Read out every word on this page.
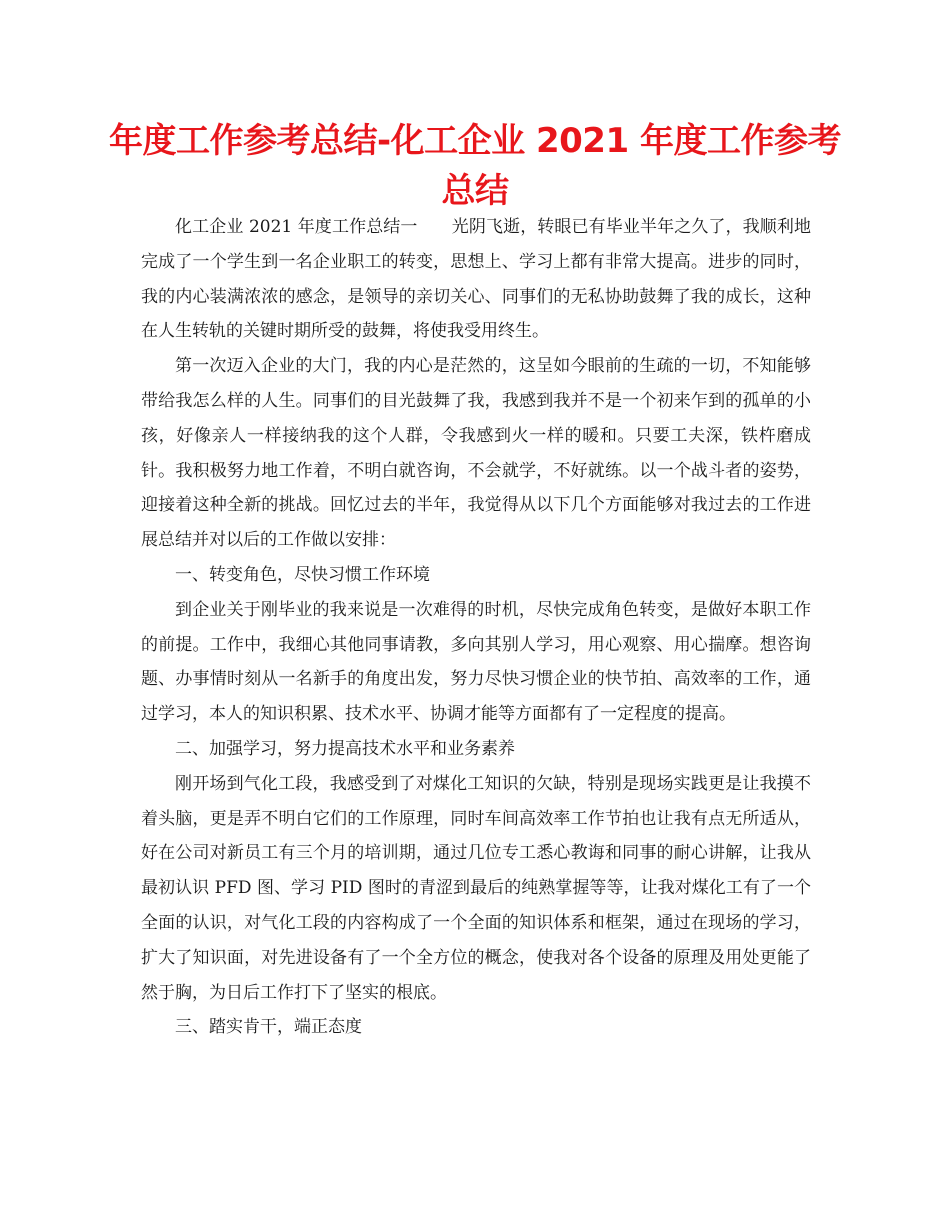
年度工作参考总结-化工企业 2021 年度工作参考总结

化工企业 2021 年度工作总结一　　光阴飞逝，转眼已有毕业半年之久了，我顺利地完成了一个学生到一名企业职工的转变，思想上、学习上都有非常大提高。进步的同时，我的内心装满浓浓的感念，是领导的亲切关心、同事们的无私协助鼓舞了我的成长，这种在人生转轨的关键时期所受的鼓舞，将使我受用终生。

第一次迈入企业的大门，我的内心是茫然的，这呈如今眼前的生疏的一切，不知能够带给我怎么样的人生。同事们的目光鼓舞了我，我感到我并不是一个初来乍到的孤单的小孩，好像亲人一样接纳我的这个人群，令我感到火一样的暖和。只要工夫深，铁杵磨成针。我积极努力地工作着，不明白就咨询，不会就学，不好就练。以一个战斗者的姿势，迎接着这种全新的挑战。回忆过去的半年，我觉得从以下几个方面能够对我过去的工作进展总结并对以后的工作做以安排：

一、转变角色，尽快习惯工作环境

到企业关于刚毕业的我来说是一次难得的时机，尽快完成角色转变，是做好本职工作的前提。工作中，我细心其他同事请教，多向其别人学习，用心观察、用心揣摩。想咨询题、办事情时刻从一名新手的角度出发，努力尽快习惯企业的快节拍、高效率的工作，通过学习，本人的知识积累、技术水平、协调才能等方面都有了一定程度的提高。

二、加强学习，努力提高技术水平和业务素养

刚开场到气化工段，我感受到了对煤化工知识的欠缺，特别是现场实践更是让我摸不着头脑，更是弄不明白它们的工作原理，同时车间高效率工作节拍也让我有点无所适从，好在公司对新员工有三个月的培训期，通过几位专工悉心教诲和同事的耐心讲解，让我从最初认识 PFD 图、学习 PID 图时的青涩到最后的纯熟掌握等等，让我对煤化工有了一个全面的认识，对气化工段的内容构成了一个全面的知识体系和框架，通过在现场的学习，扩大了知识面，对先进设备有了一个全方位的概念，使我对各个设备的原理及用处更能了然于胸，为日后工作打下了坚实的根底。

三、踏实肯干，端正态度
